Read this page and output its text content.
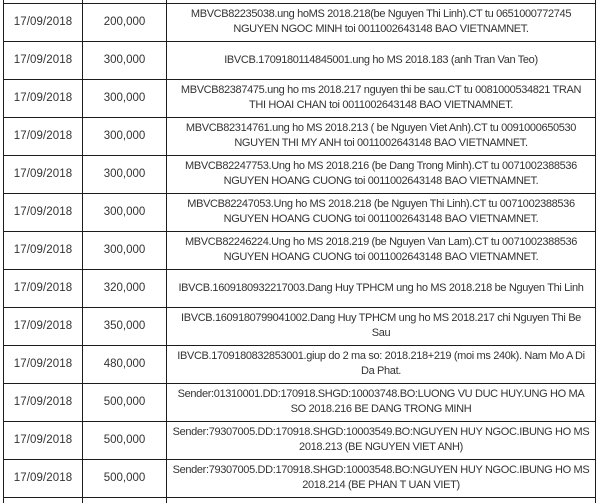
17/09/2018	200,000	MBVCB82235038.ung hoMS 2018.218(be Nguyen Thi Linh).CT tu 0651000772745 NGUYEN NGOC MINH toi 0011002643148 BAO VIETNAMNET.
17/09/2018	300,000	IBVCB.1709180114845001.ung ho MS 2018.183 (anh Tran Van Teo)
17/09/2018	300,000	MBVCB82387475.ung ho ms 2018.217 nguyen thi be sau.CT tu 0081000534821 TRAN THI HOAI CHAN toi 0011002643148 BAO VIETNAMNET.
17/09/2018	300,000	MBVCB82314761.ung ho MS 2018.213 ( be Nguyen Viet Anh).CT tu 0091000650530 NGUYEN THI MY ANH toi 0011002643148 BAO VIETNAMNET.
17/09/2018	300,000	MBVCB82247753.Ung ho MS 2018.216 (be Dang Trong Minh).CT tu 0071002388536 NGUYEN HOANG CUONG toi 0011002643148 BAO VIETNAMNET.
17/09/2018	300,000	MBVCB82247053.Ung ho MS 2018.218 (be Nguyen Thi Linh).CT tu 0071002388536 NGUYEN HOANG CUONG toi 0011002643148 BAO VIETNAMNET.
17/09/2018	300,000	MBVCB82246224.Ung ho MS 2018.219 (be Nguyen Van Lam).CT tu 0071002388536 NGUYEN HOANG CUONG toi 0011002643148 BAO VIETNAMNET.
17/09/2018	320,000	IBVCB.1609180932217003.Dang Huy TPHCM ung ho MS 2018.218 be Nguyen Thi Linh
17/09/2018	350,000	IBVCB.1609180799041002.Dang Huy TPHCM ung ho MS 2018.217 chi Nguyen Thi Be Sau
17/09/2018	480,000	IBVCB.1709180832853001.giup do 2 ma so: 2018.218+219 (moi ms 240k). Nam Mo A Di Da Phat.
17/09/2018	500,000	Sender:01310001.DD:170918.SHGD:10003748.BO:LUONG VU DUC HUY.UNG HO MA SO 2018.216 BE DANG TRONG MINH
17/09/2018	500,000	Sender:79307005.DD:170918.SHGD:10003549.BO:NGUYEN HUY NGOC.IBUNG HO MS 2018.213 (BE NGUYEN VIET ANH)
17/09/2018	500,000	Sender:79307005.DD:170918.SHGD:10003548.BO:NGUYEN HUY NGOC.IBUNG HO MS 2018.214 (BE PHAN T UAN VIET)
